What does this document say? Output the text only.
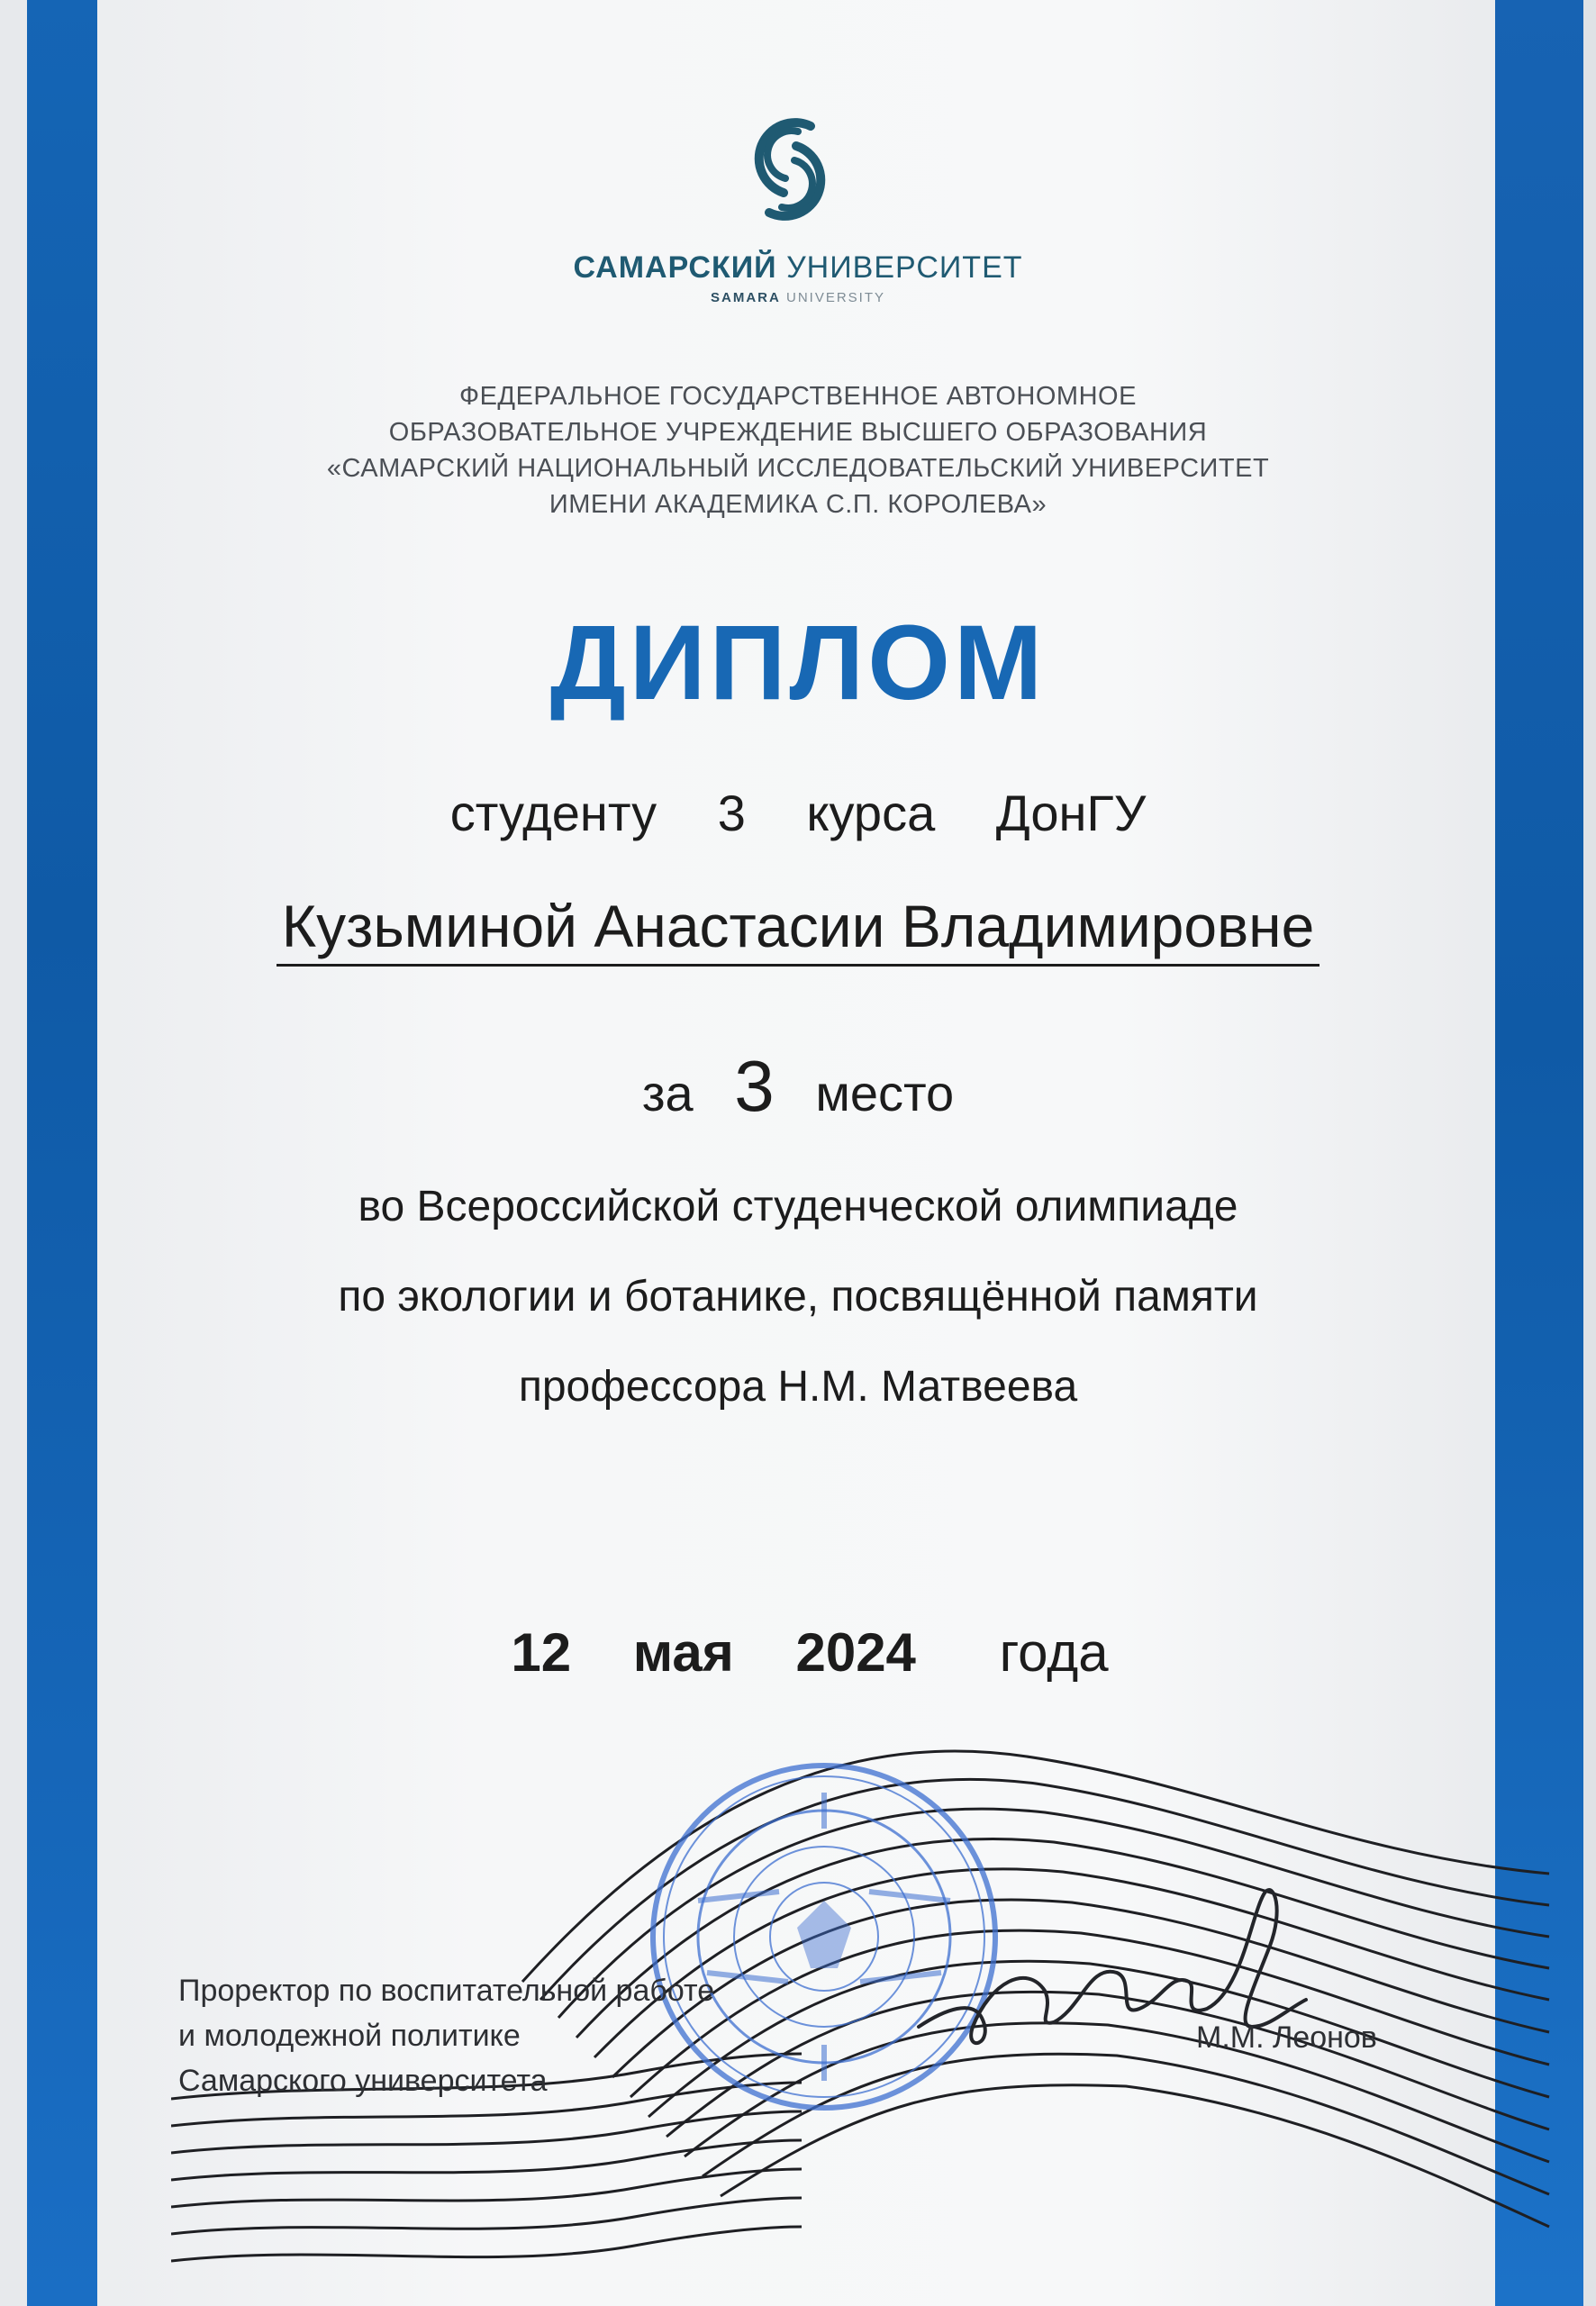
САМАРСКИЙ УНИВЕРСИТЕТ
SAMARA UNIVERSITY
ФЕДЕРАЛЬНОЕ ГОСУДАРСТВЕННОЕ АВТОНОМНОЕ
ОБРАЗОВАТЕЛЬНОЕ УЧРЕЖДЕНИЕ ВЫСШЕГО ОБРАЗОВАНИЯ
«САМАРСКИЙ НАЦИОНАЛЬНЫЙ ИССЛЕДОВАТЕЛЬСКИЙ УНИВЕРСИТЕТ
ИМЕНИ АКАДЕМИКА С.П. КОРОЛЕВА»
ДИПЛОМ
студенту 3 курса ДонГУ
Кузьминой Анастасии Владимировне
за 3 место
во Всероссийской студенческой олимпиаде
по экологии и ботанике, посвящённой памяти
профессора Н.М. Матвеева
12 мая 2024 года
Проректор по воспитательной работе
и молодежной политике
Самарского университета
М.М. Леонов
